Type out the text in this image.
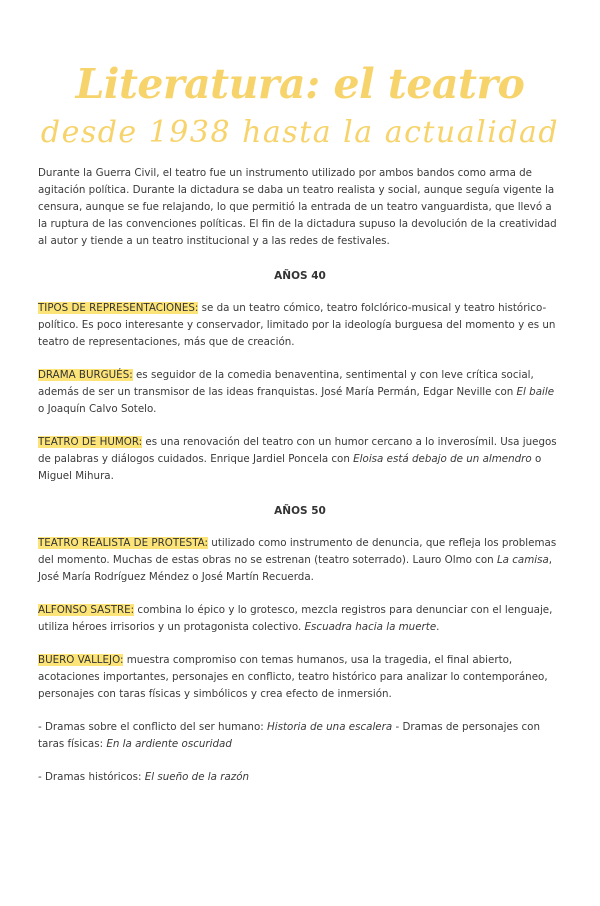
Literatura: el teatro
desde 1938 hasta la actualidad

Durante la Guerra Civil, el teatro fue un instrumento utilizado por ambos bandos como arma de agitación política. Durante la dictadura se daba un teatro realista y social, aunque seguía vigente la censura, aunque se fue relajando, lo que permitió la entrada de un teatro vanguardista, que llevó a la ruptura de las convenciones políticas. El fin de la dictadura supuso la devolución de la creatividad al autor y tiende a un teatro institucional y a las redes de festivales.

AÑOS 40

TIPOS DE REPRESENTACIONES: se da un teatro cómico, teatro folclórico-musical y teatro histórico-político. Es poco interesante y conservador, limitado por la ideología burguesa del momento y es un teatro de representaciones, más que de creación.

DRAMA BURGUÉS: es seguidor de la comedia benaventina, sentimental y con leve crítica social, además de ser un transmisor de las ideas franquistas. José María Permán, Edgar Neville con El baile o Joaquín Calvo Sotelo.

TEATRO DE HUMOR: es una renovación del teatro con un humor cercano a lo inverosímil. Usa juegos de palabras y diálogos cuidados. Enrique Jardiel Poncela con Eloisa está debajo de un almendro o Miguel Mihura.

AÑOS 50

TEATRO REALISTA DE PROTESTA: utilizado como instrumento de denuncia, que refleja los problemas del momento. Muchas de estas obras no se estrenan (teatro soterrado). Lauro Olmo con La camisa, José María Rodríguez Méndez o José Martín Recuerda.

ALFONSO SASTRE: combina lo épico y lo grotesco, mezcla registros para denunciar con el lenguaje, utiliza héroes irrisorios y un protagonista colectivo. Escuadra hacia la muerte.

BUERO VALLEJO: muestra compromiso con temas humanos, usa la tragedia, el final abierto, acotaciones importantes, personajes en conflicto, teatro histórico para analizar lo contemporáneo, personajes con taras físicas y simbólicos y crea efecto de inmersión.

- Dramas sobre el conflicto del ser humano: Historia de una escalera - Dramas de personajes con taras físicas: En la ardiente oscuridad

- Dramas históricos: El sueño de la razón
